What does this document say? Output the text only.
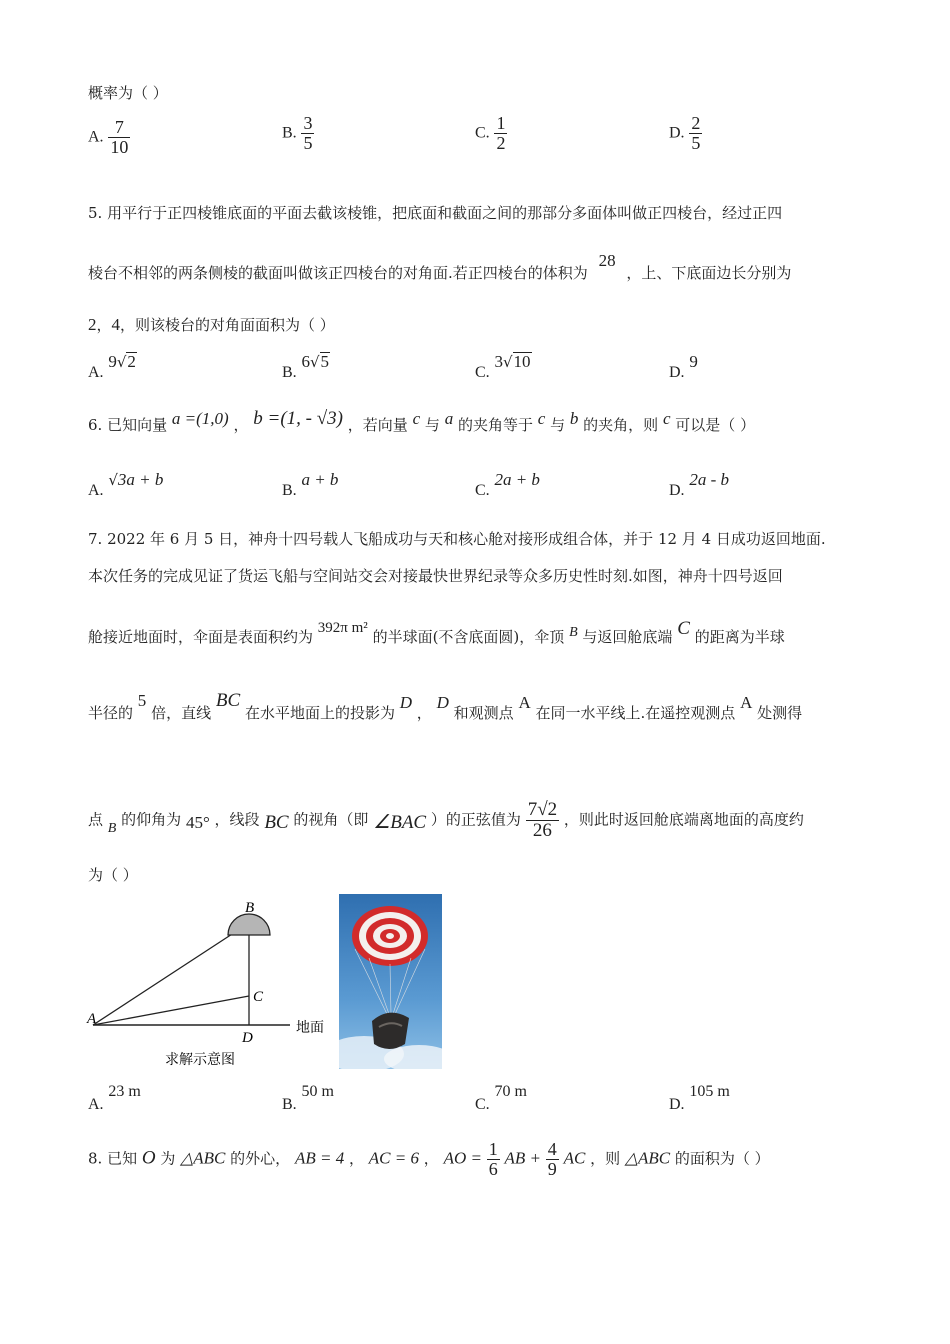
概率为（ ）
A. $\frac{7}{10}$	B. $\frac{3}{5}$	C. $\frac{1}{2}$	D. $\frac{2}{5}$
5. 用平行于正四棱锥底面的平面去截该棱锥，把底面和截面之间的那部分多面体叫做正四棱台，经过正四
棱台不相邻的两条侧棱的截面叫做该正四棱台的对角面.若正四棱台的体积为 28 ，上、下底面边长分别为
2，4，则该棱台的对角面面积为（ ）
A. 9√2
B. 6√5
C. 3√10
D. 9
6. 已知向量 a =(1,0) ， b =(1, - √3) ，若向量 c 与 a 的夹角等于 c 与 b 的夹角，则 c 可以是（ ）
A. √3a + b
B. a + b
C. 2a + b
D. 2a - b
7. 2022 年 6 月 5 日，神舟十四号载人飞船成功与天和核心舱对接形成组合体，并于 12 月 4 日成功返回地面.
本次任务的完成见证了货运飞船与空间站交会对接最快世界纪录等众多历史性时刻.如图，神舟十四号返回
舱接近地面时，伞面是表面积约为 392π m² 的半球面(不含底面圆)，伞顶 B 与返回舱底端 C 的距离为半球
半径的 5 倍，直线 BC 在水平地面上的投影为 D ， D 和观测点 A 在同一水平线上.在遥控观测点 A 处测得
点 B 的仰角为 45° ，线段 BC 的视角（即 ∠BAC ）的正弦值为 $\frac{7√2}{26}$ ，则此时返回舱底端离地面的高度约
为（ ）
A
B
C
D
地面
求解示意图
A. 23 m
B. 50 m
C. 70 m
D. 105 m
8. 已知 O 为 △ABC 的外心， AB = 4 ， AC = 6 ， AO = $\frac{1}{6}$ AB + $\frac{4}{9}$ AC ，则 △ABC 的面积为（ ）
